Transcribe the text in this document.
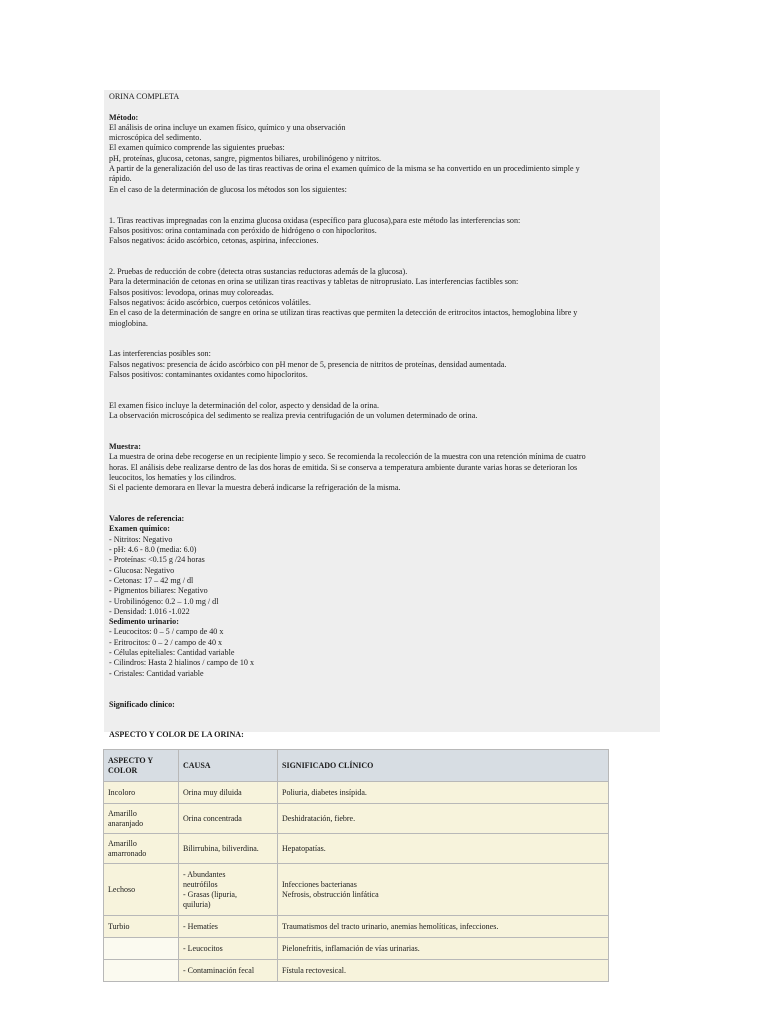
ORINA COMPLETA
Método:
El análisis de orina incluye un examen físico, químico y una observación
microscópica del sedimento.
El examen químico comprende las siguientes pruebas:
pH, proteínas, glucosa, cetonas, sangre, pigmentos biliares, urobilinógeno y nitritos.
A partir de la generalización del uso de las tiras reactivas de orina el examen químico de la misma se ha convertido en un procedimiento simple y
rápido.
En el caso de la determinación de glucosa los métodos son los siguientes:
1. Tiras reactivas impregnadas con la enzima glucosa oxidasa (específico para glucosa),para este método las interferencias son:
Falsos positivos: orina contaminada con peróxido de hidrógeno o con hipocloritos.
Falsos negativos: ácido ascórbico, cetonas, aspirina, infecciones.
2. Pruebas de reducción de cobre (detecta otras sustancias reductoras además de la glucosa).
Para la determinación de cetonas en orina se utilizan tiras reactivas y tabletas de nitroprusiato. Las interferencias factibles son:
Falsos positivos: levodopa, orinas muy coloreadas.
Falsos negativos: ácido ascórbico, cuerpos cetónicos volátiles.
En el caso de la determinación de sangre en orina se utilizan tiras reactivas que permiten la detección de eritrocitos intactos, hemoglobina libre y
mioglobina.
Las interferencias posibles son:
Falsos negativos: presencia de ácido ascórbico con pH menor de 5, presencia de nitritos de proteínas, densidad aumentada.
Falsos positivos: contaminantes oxidantes como hipocloritos.
El examen físico incluye la determinación del color, aspecto y densidad de la orina.
La observación microscópica del sedimento se realiza previa centrifugación de un volumen determinado de orina.
Muestra:
La muestra de orina debe recogerse en un recipiente limpio y seco. Se recomienda la recolección de la muestra con una retención mínima de cuatro
horas. El análisis debe realizarse dentro de las dos horas de emitida. Si se conserva a temperatura ambiente durante varias horas se deterioran los
leucocitos, los hematíes y los cilindros.
Si el paciente demorara en llevar la muestra deberá indicarse la refrigeración de la misma.
Valores de referencia:
Examen químico:
- Nitritos: Negativo
- pH: 4.6 - 8.0 (media: 6.0)
- Proteínas: <0.15 g /24 horas
- Glucosa: Negativo
- Cetonas: 17 – 42 mg / dl
- Pigmentos biliares: Negativo
- Urobilinógeno: 0.2 – 1.0 mg / dl
- Densidad: 1.016 -1.022
Sedimento urinario:
- Leucocitos: 0 – 5 / campo de 40 x
- Eritrocitos: 0 – 2 / campo de 40 x
- Células epiteliales: Cantidad variable
- Cilindros: Hasta 2 hialinos / campo de 10 x
- Cristales: Cantidad variable
Significado clínico:
ASPECTO Y COLOR DE LA ORINA:
ASPECTO Y COLOR	CAUSA	SIGNIFICADO CLÍNICO

Incoloro	Orina muy diluida	Poliuria, diabetes insípida.

Amarillo
anaranjado	Orina concentrada	Deshidratación, fiebre.

Amarillo
amarronado	Bilirrubina, biliverdina.	Hepatopatías.

Lechoso	- Abundantes
neutrófilos
- Grasas (lipuria,
quiluria)	Infecciones bacterianas
Nefrosis, obstrucción linfática

Turbio	- Hematíes	Traumatismos del tracto urinario, anemias hemolíticas, infecciones.

	- Leucocitos	Pielonefritis, inflamación de vías urinarias.

	- Contaminación fecal	Fístula rectovesical.
